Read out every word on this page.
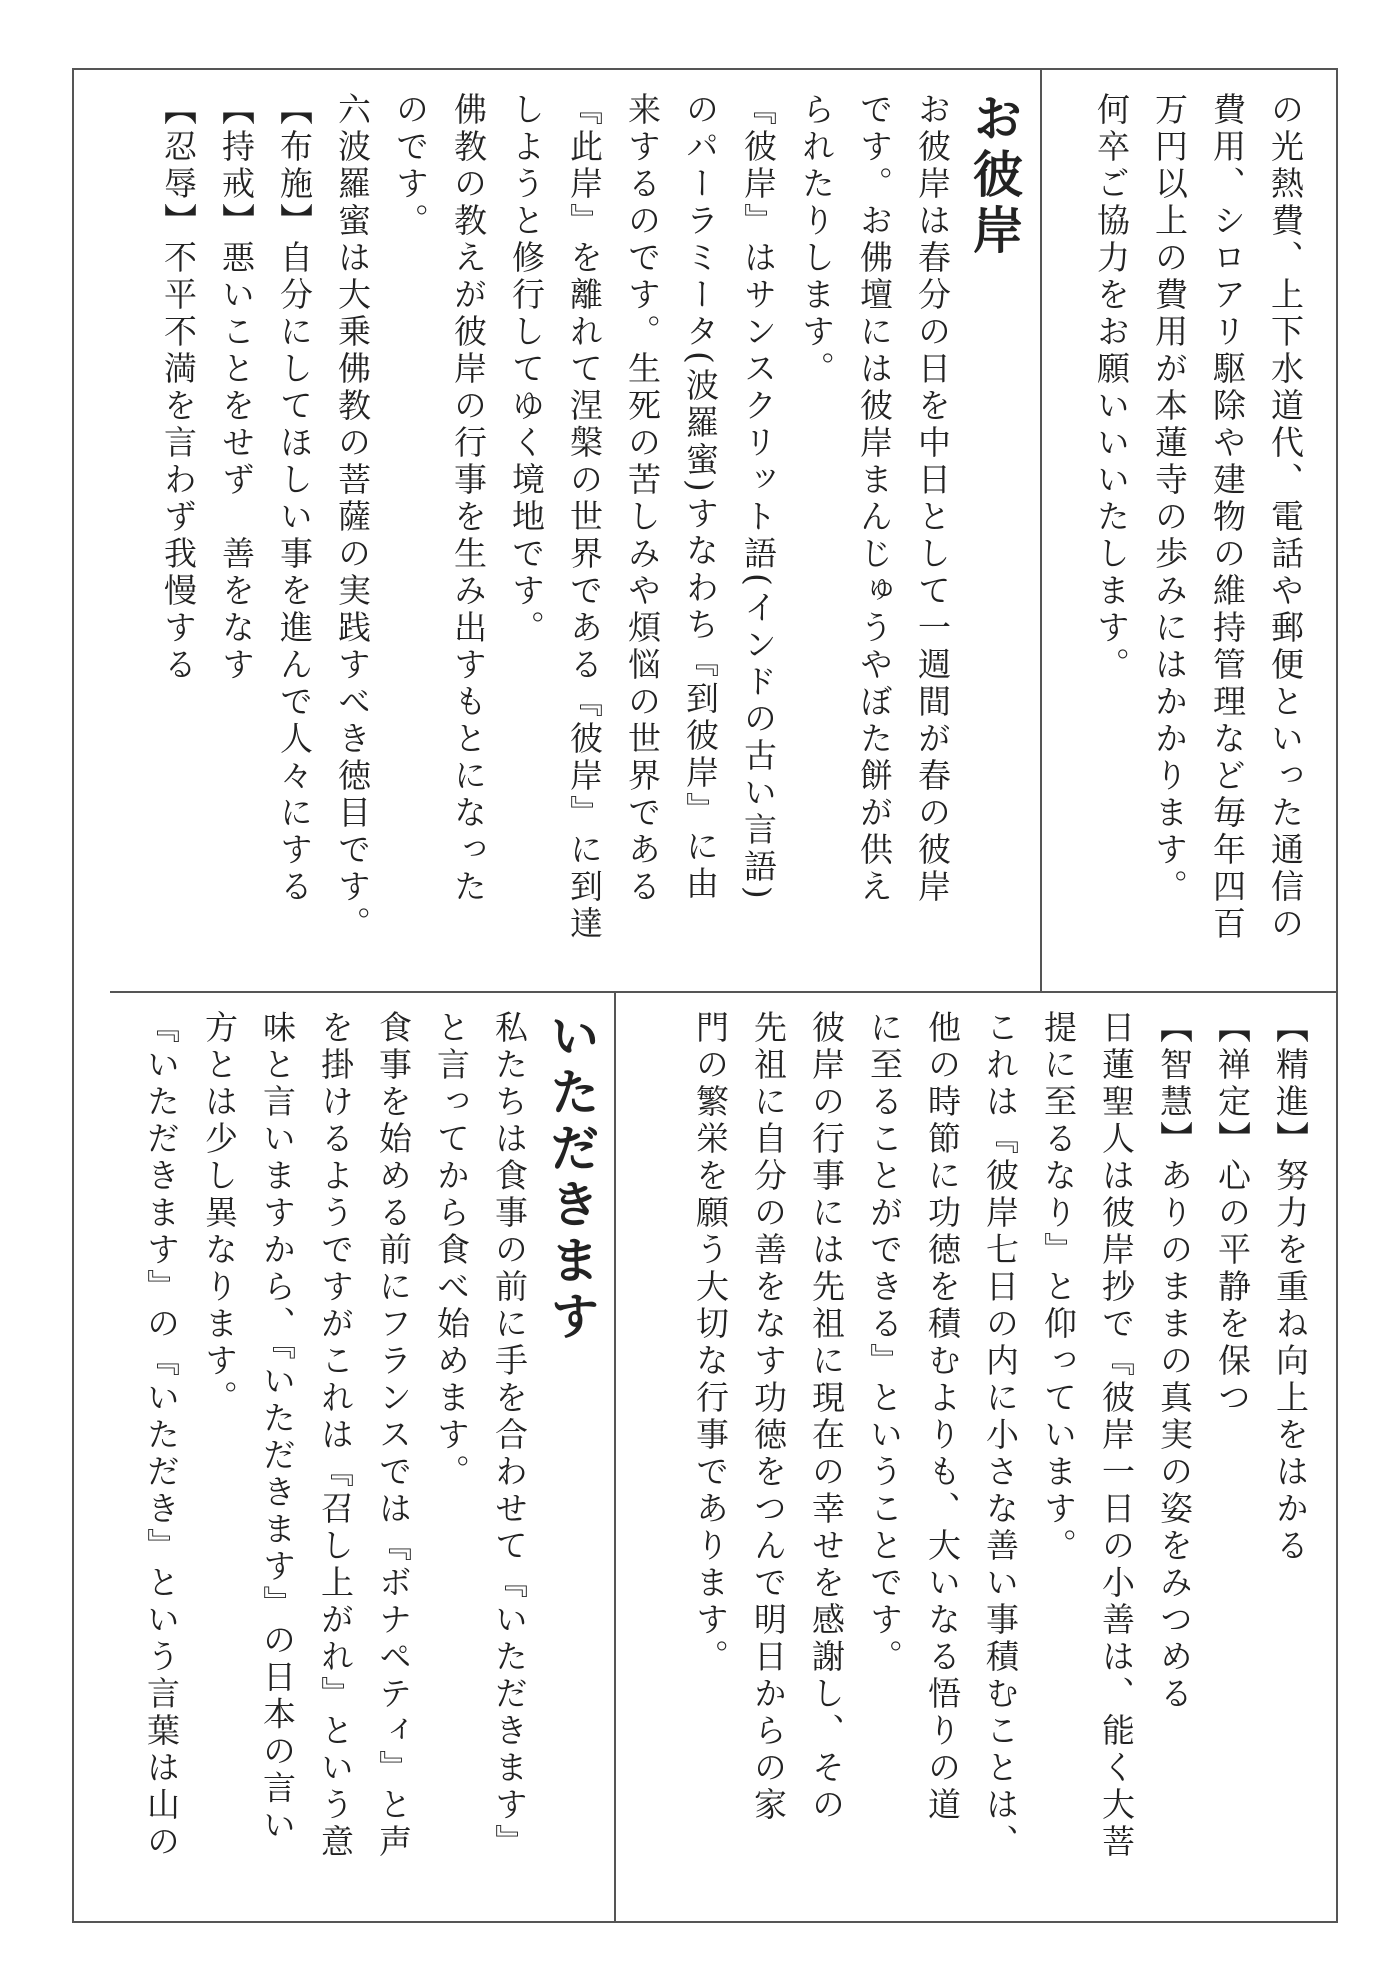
の光熱費、上下水道代、電話や郵便といった通信の
費用、シロアリ駆除や建物の維持管理など毎年四百
万円以上の費用が本蓮寺の歩みにはかかります。
何卒ご協力をお願いいいたします。
お彼岸
お彼岸は春分の日を中日として一週間が春の彼岸
です。お佛壇には彼岸まんじゅうやぼた餅が供え
られたりします。
『彼岸』はサンスクリット語(インドの古い言語)
のパーラミータ(波羅蜜)すなわち『到彼岸』に由
来するのです。生死の苦しみや煩悩の世界である
『此岸』を離れて涅槃の世界である『彼岸』に到達
しようと修行してゆく境地です。
佛教の教えが彼岸の行事を生み出すもとになった
のです。
六波羅蜜は大乗佛教の菩薩の実践すべき徳目です。
【布施】自分にしてほしい事を進んで人々にする
【持戒】悪いことをせず　善をなす
【忍辱】不平不満を言わず我慢する
【精進】努力を重ね向上をはかる
【禅定】心の平静を保つ
【智慧】ありのままの真実の姿をみつめる
日蓮聖人は彼岸抄で『彼岸一日の小善は、能く大菩
提に至るなり』と仰っています。
これは『彼岸七日の内に小さな善い事積むことは、
他の時節に功徳を積むよりも、大いなる悟りの道
に至ることができる』ということです。
彼岸の行事には先祖に現在の幸せを感謝し、その
先祖に自分の善をなす功徳をつんで明日からの家
門の繁栄を願う大切な行事であります。
いただきます
私たちは食事の前に手を合わせて『いただきます』
と言ってから食べ始めます。
食事を始める前にフランスでは『ボナペティ』と声
を掛けるようですがこれは『召し上がれ』という意
味と言いますから、『いただきます』の日本の言い
方とは少し異なります。
『いただきます』の『いただき』という言葉は山の
